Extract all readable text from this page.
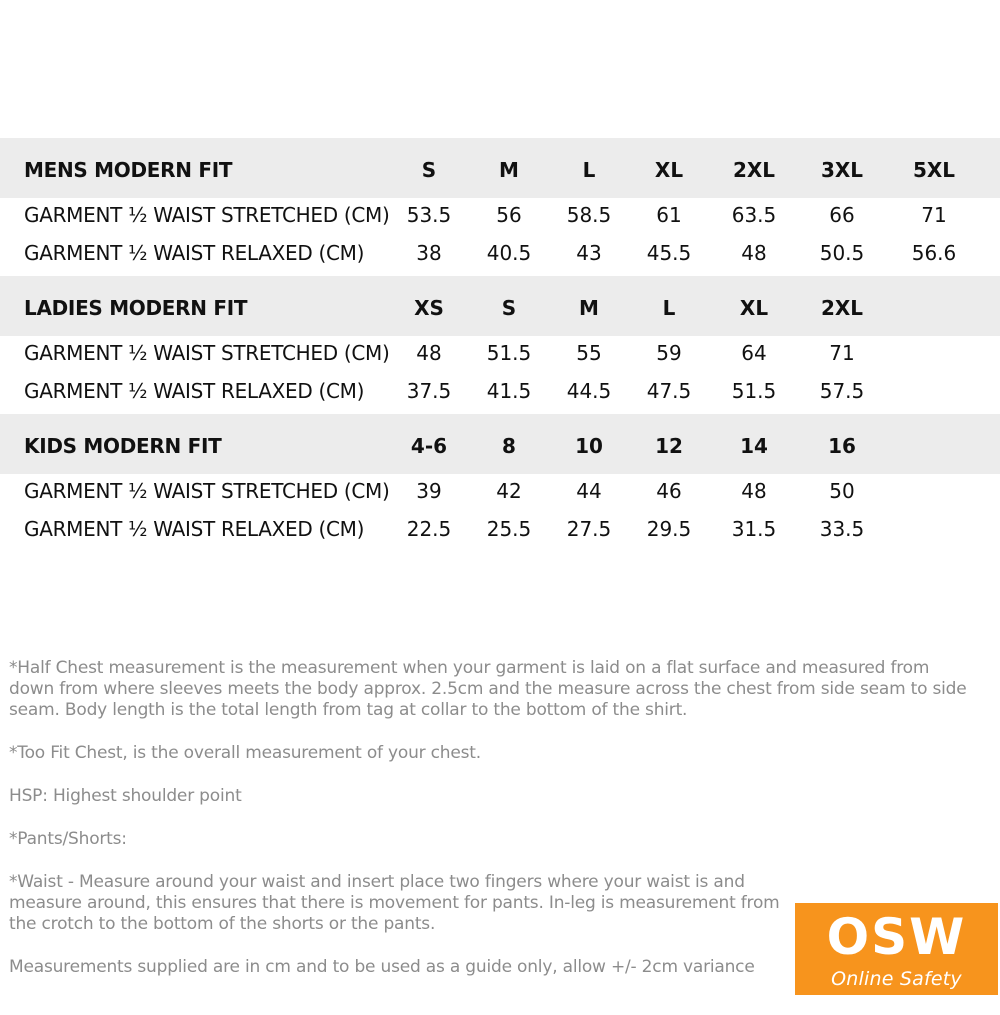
MENS MODERN FIT	S	M	L	XL 2XL 3XL 5XL
GARMENT ½ WAIST STRETCHED (CM) 53.5 56 58.5 61	63.5	66	71
GARMENT ½ WAIST RELAXED (CM)	38 40.5 43 45.5	48	50.5 56.6
LADIES MODERN FIT	XS	S	M	L	XL	2XL
GARMENT ½ WAIST STRETCHED (CM) 48 51.5 55	59	64	71
GARMENT ½ WAIST RELAXED (CM) 37.5 41.5 44.5 47.5 51.5 57.5
KIDS MODERN FIT	4-6	8	10	12	14	16
GARMENT ½ WAIST STRETCHED (CM) 39	42	44	46	48	50
GARMENT ½ WAIST RELAXED (CM) 22.5 25.5 27.5 29.5 31.5 33.5

*Half Chest measurement is the measurement when your garment is laid on a flat surface and measured from down from where sleeves meets the body approx. 2.5cm and the measure across the chest from side seam to side seam. Body length is the total length from tag at collar to the bottom of the shirt.

*Too Fit Chest, is the overall measurement of your chest.

HSP: Highest shoulder point

*Pants/Shorts:

*Waist - Measure around your waist and insert place two fingers where your waist is and measure around, this ensures that there is movement for pants. In-leg is measurement from the crotch to the bottom of the shorts or the pants.

Measurements supplied are in cm and to be used as a guide only, allow +/- 2cm variance

OSW
Online Safety Workwear
